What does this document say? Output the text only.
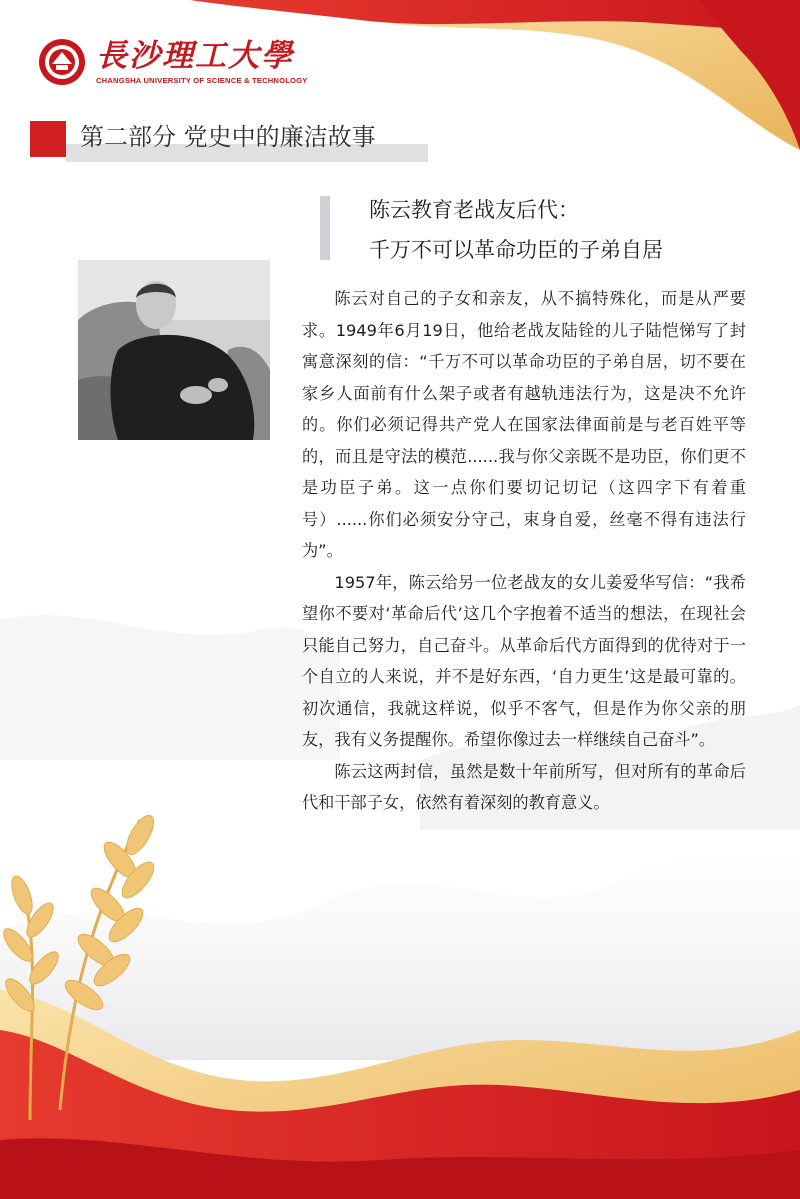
長沙理工大學
CHANGSHA UNIVERSITY OF SCIENCE & TECHNOLOGY
第二部分 党史中的廉洁故事
陈云教育老战友后代：
千万不可以革命功臣的子弟自居

陈云对自己的子女和亲友，从不搞特殊化，而是从严要求。1949年6月19日，他给老战友陆铨的儿子陆恺悌写了封寓意深刻的信：“千万不可以革命功臣的子弟自居，切不要在家乡人面前有什么架子或者有越轨违法行为，这是决不允许的。你们必须记得共产党人在国家法律面前是与老百姓平等的，而且是守法的模范......我与你父亲既不是功臣，你们更不是功臣子弟。这一点你们要切记切记（这四字下有着重号）......你们必须安分守己，束身自爱，丝毫不得有违法行为”。

1957年，陈云给另一位老战友的女儿姜爱华写信：“我希望你不要对‘革命后代’这几个字抱着不适当的想法，在现社会只能自己努力，自己奋斗。从革命后代方面得到的优待对于一个自立的人来说，并不是好东西，‘自力更生’这是最可靠的。初次通信，我就这样说，似乎不客气，但是作为你父亲的朋友，我有义务提醒你。希望你像过去一样继续自己奋斗”。

陈云这两封信，虽然是数十年前所写，但对所有的革命后代和干部子女，依然有着深刻的教育意义。
